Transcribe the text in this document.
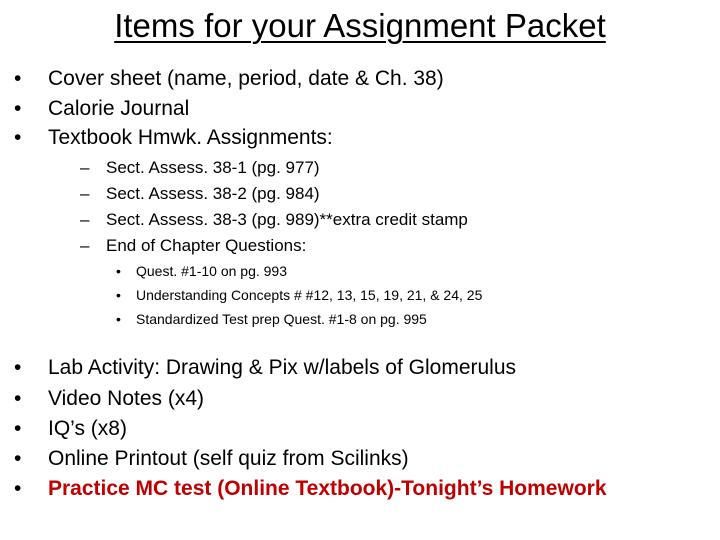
Items for your Assignment Packet
• Cover sheet (name, period, date & Ch. 38)
• Calorie Journal
• Textbook Hmwk. Assignments:
– Sect. Assess. 38-1 (pg. 977)
– Sect. Assess. 38-2 (pg. 984)
– Sect. Assess. 38-3 (pg. 989)**extra credit stamp
– End of Chapter Questions:
• Quest. #1-10 on pg. 993
• Understanding Concepts # #12, 13, 15, 19, 21, & 24, 25
• Standardized Test prep Quest. #1-8 on pg. 995
• Lab Activity: Drawing & Pix w/labels of Glomerulus
• Video Notes (x4)
• IQ’s (x8)
• Online Printout (self quiz from Scilinks)
• Practice MC test (Online Textbook)-Tonight’s Homework
